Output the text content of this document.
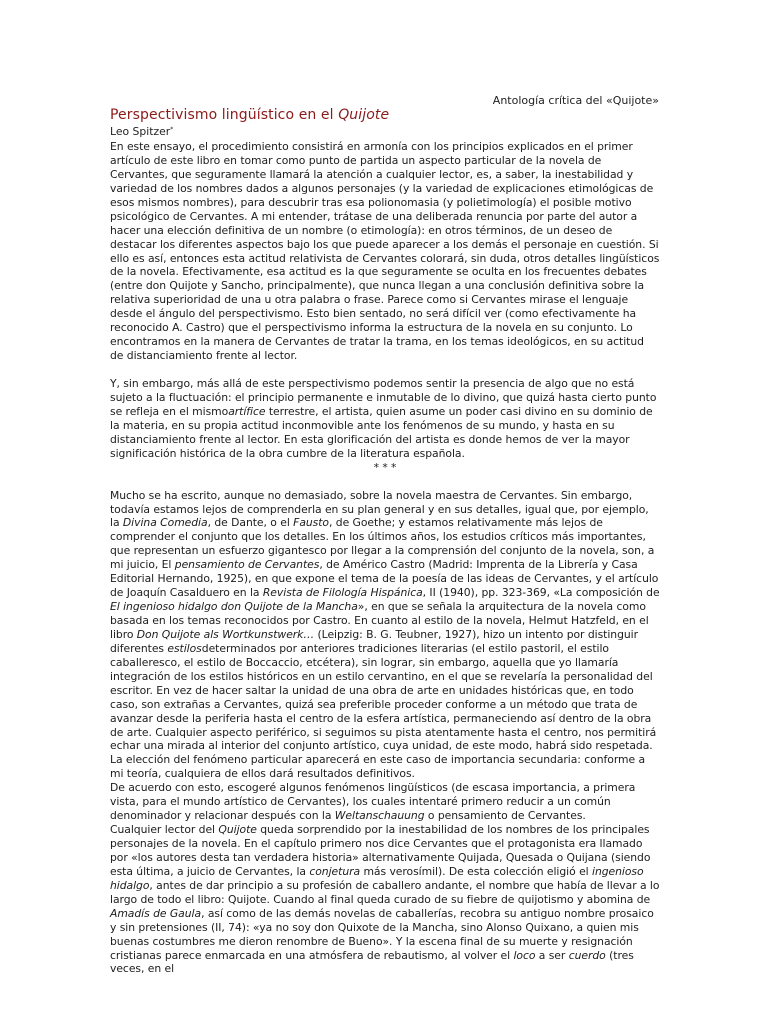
Antología crítica del «Quijote»
Perspectivismo lingüístico en el Quijote
Leo Spitzer*

En este ensayo, el procedimiento consistirá en armonía con los principios explicados en el primer artículo de este libro en tomar como punto de partida un aspecto particular de la novela de Cervantes, que seguramente llamará la atención a cualquier lector, es, a saber, la inestabilidad y variedad de los nombres dados a algunos personajes (y la variedad de explicaciones etimológicas de esos mismos nombres), para descubrir tras esa polionomasia (y polietimología) el posible motivo psicológico de Cervantes. A mi entender, trátase de una deliberada renuncia por parte del autor a hacer una elección definitiva de un nombre (o etimología): en otros términos, de un deseo de destacar los diferentes aspectos bajo los que puede aparecer a los demás el personaje en cuestión. Si ello es así, entonces esta actitud relativista de Cervantes colorará, sin duda, otros detalles lingüísticos de la novela. Efectivamente, esa actitud es la que seguramente se oculta en los frecuentes debates (entre don Quijote y Sancho, principalmente), que nunca llegan a una conclusión definitiva sobre la relativa superioridad de una u otra palabra o frase. Parece como si Cervantes mirase el lenguaje desde el ángulo del perspectivismo. Esto bien sentado, no será difícil ver (como efectivamente ha reconocido A. Castro) que el perspectivismo informa la estructura de la novela en su conjunto. Lo encontramos en la manera de Cervantes de tratar la trama, en los temas ideológicos, en su actitud de distanciamiento frente al lector.

Y, sin embargo, más allá de este perspectivismo podemos sentir la presencia de algo que no está sujeto a la fluctuación: el principio permanente e inmutable de lo divino, que quizá hasta cierto punto se refleja en el mismoartífice terrestre, el artista, quien asume un poder casi divino en su dominio de la materia, en su propia actitud inconmovible ante los fenómenos de su mundo, y hasta en su distanciamiento frente al lector. En esta glorificación del artista es donde hemos de ver la mayor significación histórica de la obra cumbre de la literatura española.

* * *

Mucho se ha escrito, aunque no demasiado, sobre la novela maestra de Cervantes. Sin embargo, todavía estamos lejos de comprenderla en su plan general y en sus detalles, igual que, por ejemplo, la Divina Comedia, de Dante, o el Fausto, de Goethe; y estamos relativamente más lejos de comprender el conjunto que los detalles. En los últimos años, los estudios críticos más importantes, que representan un esfuerzo gigantesco por llegar a la comprensión del conjunto de la novela, son, a mi juicio, El pensamiento de Cervantes, de Américo Castro (Madrid: Imprenta de la Librería y Casa Editorial Hernando, 1925), en que expone el tema de la poesía de las ideas de Cervantes, y el artículo de Joaquín Casalduero en la Revista de Filología Hispánica, II (1940), pp. 323-369, «La composición de El ingenioso hidalgo don Quijote de la Mancha», en que se señala la arquitectura de la novela como basada en los temas reconocidos por Castro. En cuanto al estilo de la novela, Helmut Hatzfeld, en el libro Don Quijote als Wortkunstwerk… (Leipzig: B. G. Teubner, 1927), hizo un intento por distinguir diferentes estilosdeterminados por anteriores tradiciones literarias (el estilo pastoril, el estilo caballeresco, el estilo de Boccaccio, etcétera), sin lograr, sin embargo, aquella que yo llamaría integración de los estilos históricos en un estilo cervantino, en el que se revelaría la personalidad del escritor. En vez de hacer saltar la unidad de una obra de arte en unidades históricas que, en todo caso, son extrañas a Cervantes, quizá sea preferible proceder conforme a un método que trata de avanzar desde la periferia hasta el centro de la esfera artística, permaneciendo así dentro de la obra de arte. Cualquier aspecto periférico, si seguimos su pista atentamente hasta el centro, nos permitirá echar una mirada al interior del conjunto artístico, cuya unidad, de este modo, habrá sido respetada. La elección del fenómeno particular aparecerá en este caso de importancia secundaria: conforme a mi teoría, cualquiera de ellos dará resultados definitivos.

De acuerdo con esto, escogeré algunos fenómenos lingüísticos (de escasa importancia, a primera vista, para el mundo artístico de Cervantes), los cuales intentaré primero reducir a un común denominador y relacionar después con la Weltanschauung o pensamiento de Cervantes.

Cualquier lector del Quijote queda sorprendido por la inestabilidad de los nombres de los principales personajes de la novela. En el capítulo primero nos dice Cervantes que el protagonista era llamado por «los autores desta tan verdadera historia» alternativamente Quijada, Quesada o Quijana (siendo esta última, a juicio de Cervantes, la conjetura más verosímil). De esta colección eligió el ingenioso hidalgo, antes de dar principio a su profesión de caballero andante, el nombre que había de llevar a lo largo de todo el libro: Quijote. Cuando al final queda curado de su fiebre de quijotismo y abomina de Amadís de Gaula, así como de las demás novelas de caballerías, recobra su antiguo nombre prosaico y sin pretensiones (II, 74): «ya no soy don Quixote de la Mancha, sino Alonso Quixano, a quien mis buenas costumbres me dieron renombre de Bueno». Y la escena final de su muerte y resignación cristianas parece enmarcada en una atmósfera de rebautismo, al volver el loco a ser cuerdo (tres veces, en el
